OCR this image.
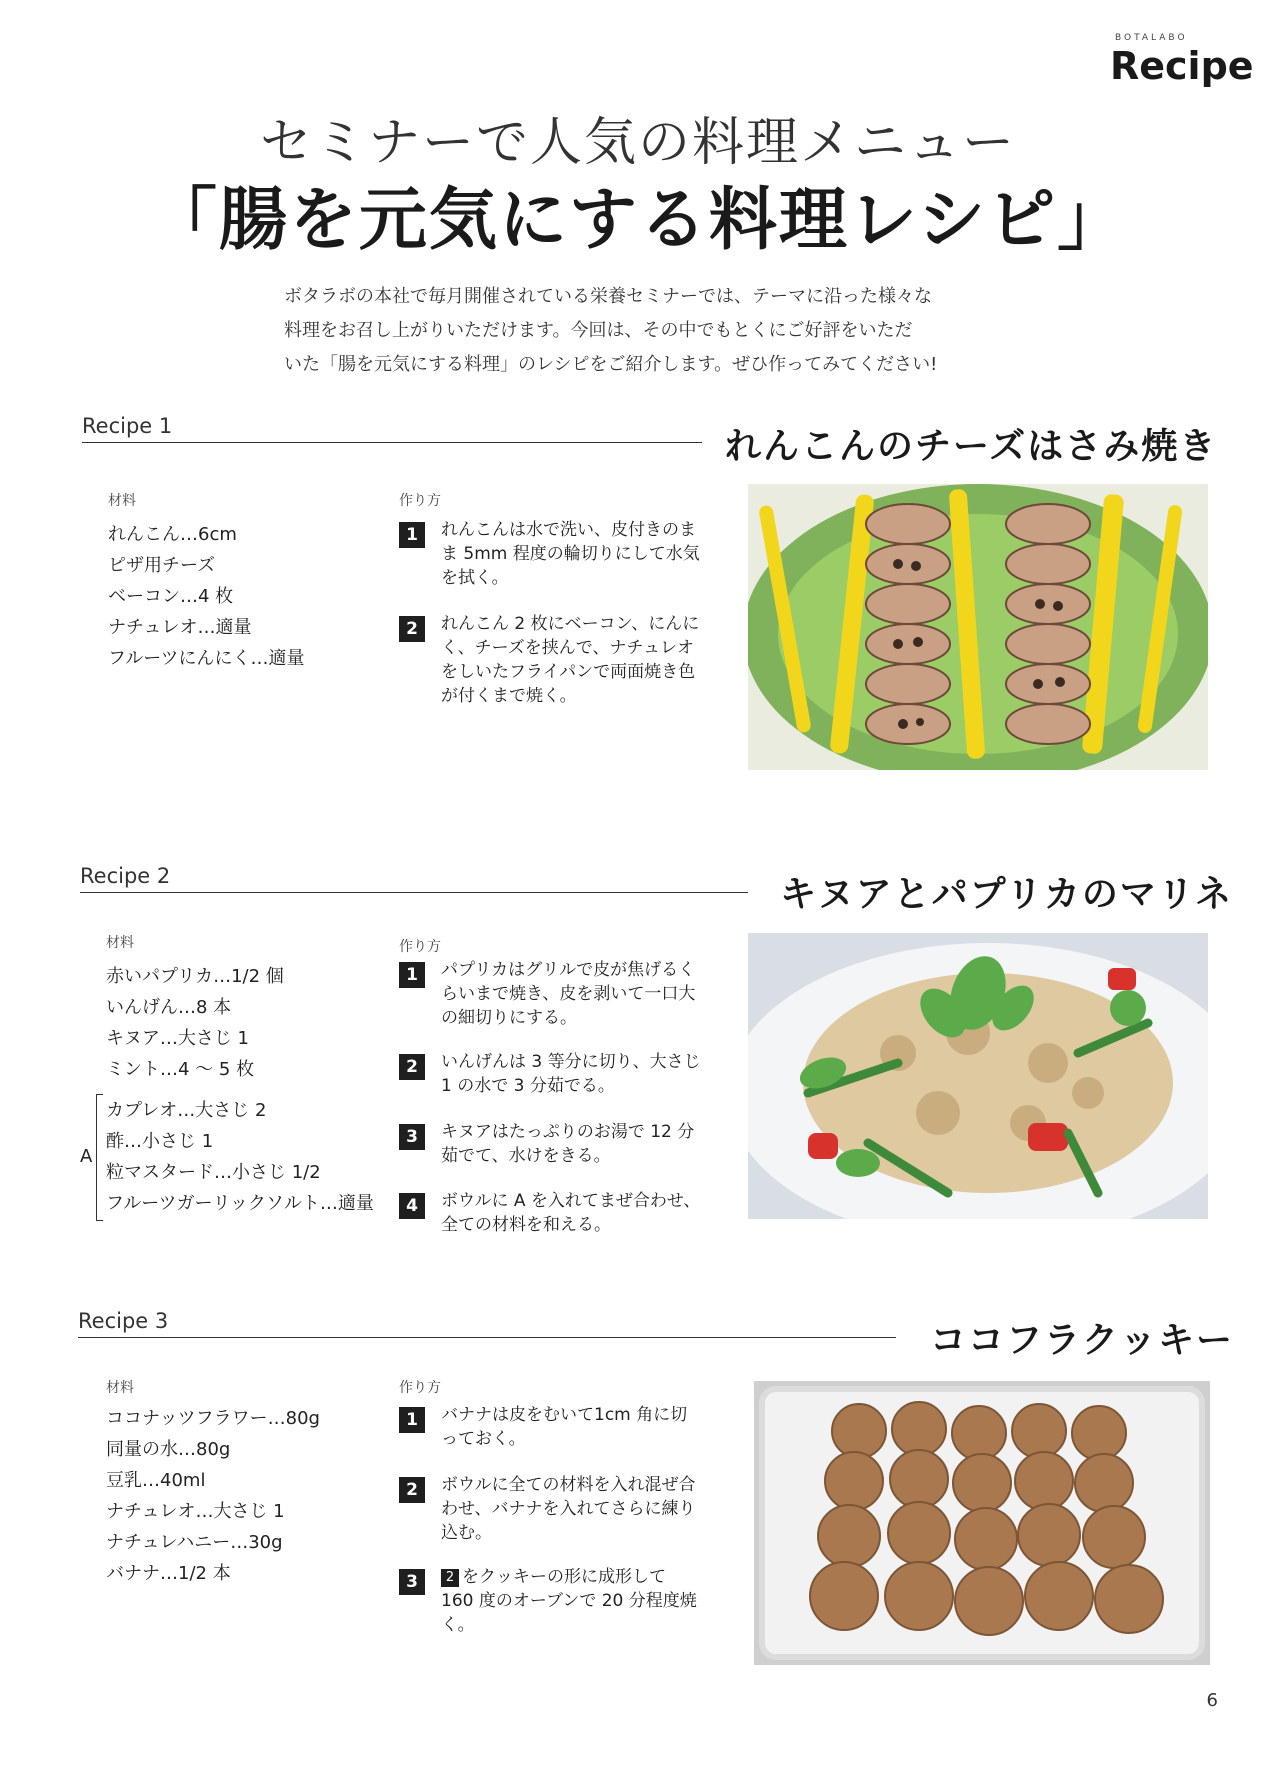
BOTALABO
Recipe
セミナーで人気の料理メニュー
「腸を元気にする料理レシピ」

ボタラボの本社で毎月開催されている栄養セミナーでは、テーマに沿った様々な

料理をお召し上がりいただけます。今回は、その中でもとくにご好評をいただ

いた「腸を元気にする料理」のレシピをご紹介します。ぜひ作ってみてください!

Recipe 1	れんこんのチーズはさみ焼き
材料
れんこん…6cm
ピザ用チーズ
ベーコン…4 枚
ナチュレオ…適量
フルーツにんにく…適量
作り方
1	れんこんは水で洗い、皮付きのまま 5mm 程度の輪切りにして水気を拭く。
2	れんこん 2 枚にベーコン、にんにく、チーズを挟んで、ナチュレオをしいたフライパンで両面焼き色が付くまで焼く。
Recipe 2	キヌアとパプリカのマリネ
材料
赤いパプリカ…1/2 個
いんげん…8 本
キヌア…大さじ 1
ミント…4 ～ 5 枚
A
カプレオ…大さじ 2
酢…小さじ 1
粒マスタード…小さじ 1/2
フルーツガーリックソルト…適量
作り方
1	パプリカはグリルで皮が焦げるくらいまで焼き、皮を剥いて一口大の細切りにする。
2	いんげんは 3 等分に切り、大さじ 1 の水で 3 分茹でる。
3	キヌアはたっぷりのお湯で 12 分茹でて、水けをきる。
4	ボウルに A を入れてまぜ合わせ、全ての材料を和える。
Recipe 3	ココフラクッキー
材料
ココナッツフラワー…80g
同量の水…80g
豆乳…40ml
ナチュレオ…大さじ 1
ナチュレハニー…30g
バナナ…1/2 本
作り方
1	バナナは皮をむいて1cm 角に切っておく。
2	ボウルに全ての材料を入れ混ぜ合わせ、バナナを入れてさらに練り込む。
3	2 をクッキーの形に成形して 160 度のオーブンで 20 分程度焼く。
6
